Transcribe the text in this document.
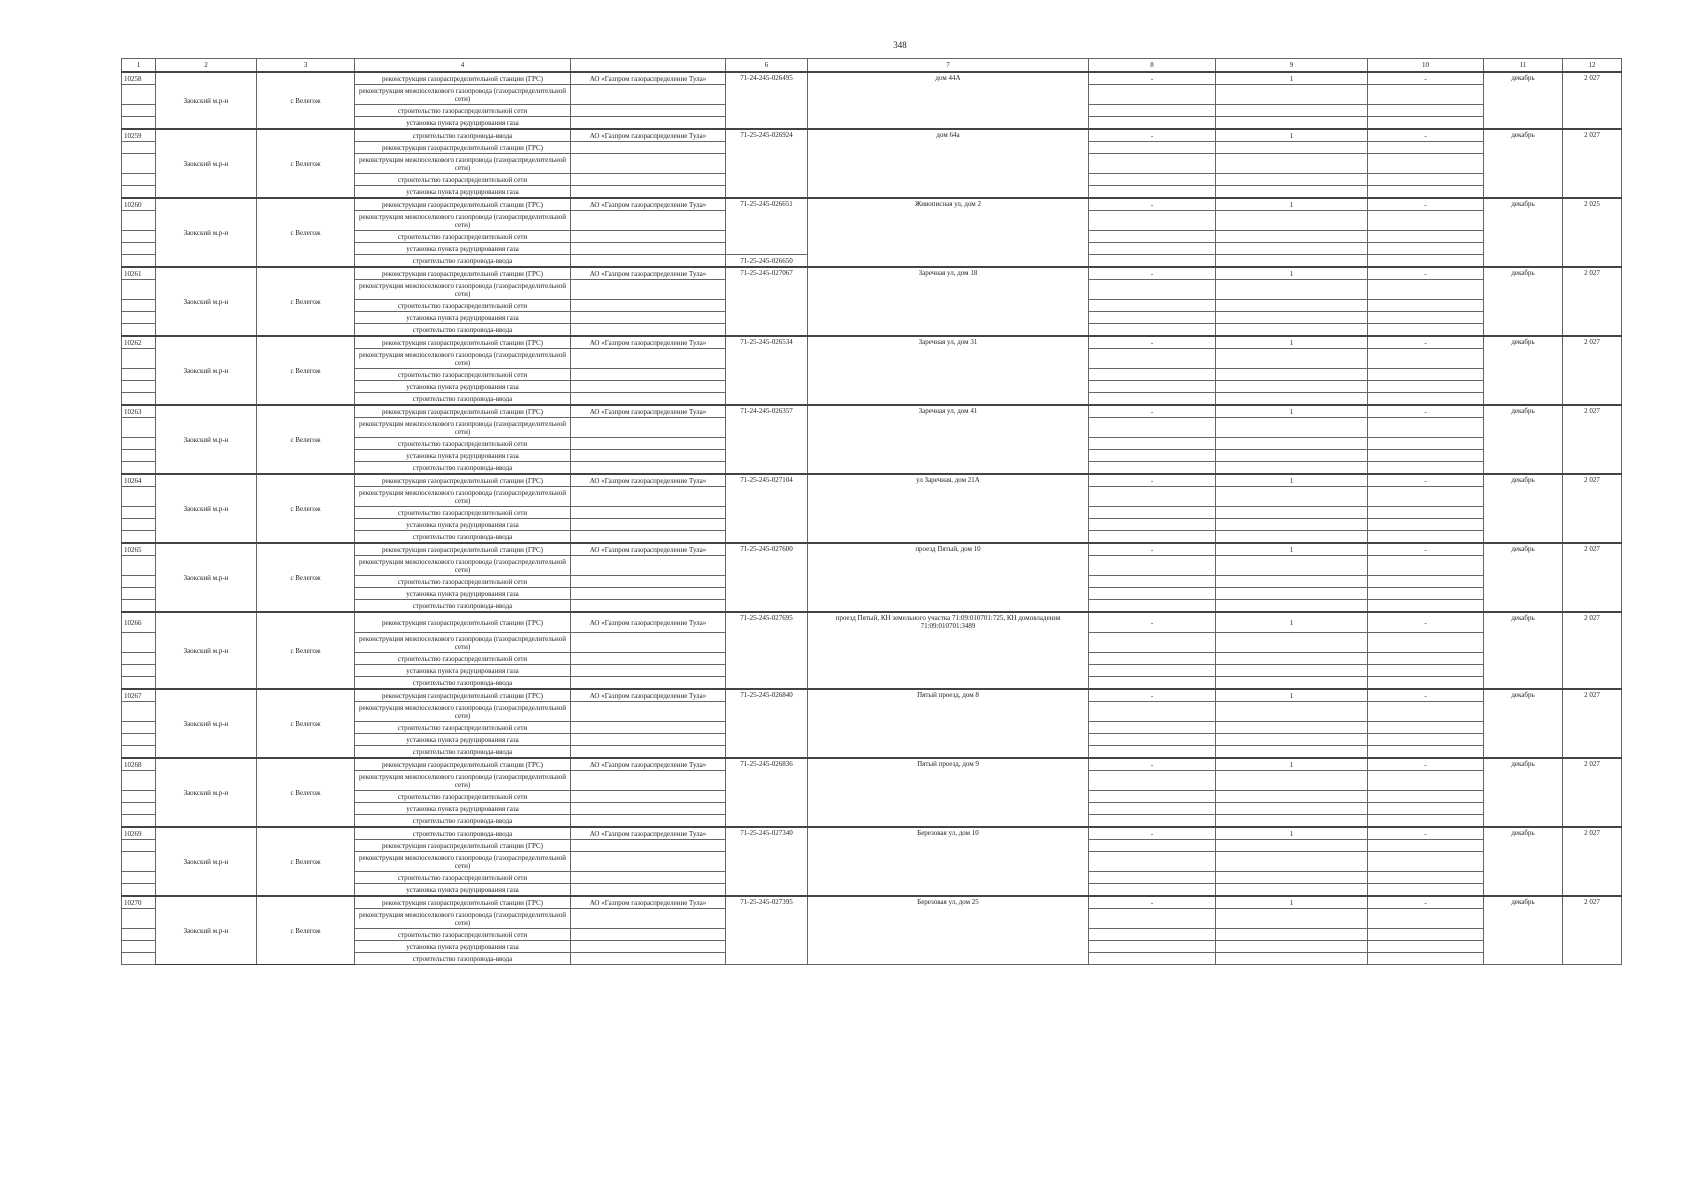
348
1	2	3	4		6	7	8	9	10	11	12
10258	Заокский м.р-н	с Велегож	реконструкция газораспределительной станции (ГРС)	АО «Газпром газораспределение Тула»	71-24-245-026495	дом 44А	-	1	-	декабрь	2 027
			реконструкция межпоселкового газопровода (газораспределительной сети)								
			строительство газораспределительной сети								
			установка пункта редуцирования газа								
10259	Заокский м.р-н	с Велегож	строительство газопровода-ввода	АО «Газпром газораспределение Тула»	71-25-245-026924	дом 64а	-	1	-	декабрь	2 027
			реконструкция газораспределительной станции (ГРС)								
			реконструкция межпоселкового газопровода (газораспределительной сети)								
			строительство газораспределительной сети								
			установка пункта редуцирования газа								
10260	Заокский м.р-н	с Велегож	реконструкция газораспределительной станции (ГРС)	АО «Газпром газораспределение Тула»	71-25-245-026651	Живописная ул, дом 2	-	1	-	декабрь	2 025
			реконструкция межпоселкового газопровода (газораспределительной сети)								
			строительство газораспределительной сети								
			установка пункта редуцирования газа								
			строительство газопровода-ввода		71-25-245-026650						
10261	Заокский м.р-н	с Велегож	реконструкция газораспределительной станции (ГРС)	АО «Газпром газораспределение Тула»	71-25-245-027067	Заречная ул, дом 18	-	1	-	декабрь	2 027
			реконструкция межпоселкового газопровода (газораспределительной сети)								
			строительство газораспределительной сети								
			установка пункта редуцирования газа								
			строительство газопровода-ввода								
10262	Заокский м.р-н	с Велегож	реконструкция газораспределительной станции (ГРС)	АО «Газпром газораспределение Тула»	71-25-245-026534	Заречная ул, дом 31	-	1	-	декабрь	2 027
			реконструкция межпоселкового газопровода (газораспределительной сети)								
			строительство газораспределительной сети								
			установка пункта редуцирования газа								
			строительство газопровода-ввода								
10263	Заокский м.р-н	с Велегож	реконструкция газораспределительной станции (ГРС)	АО «Газпром газораспределение Тула»	71-24-245-026357	Заречная ул, дом 41	-	1	-	декабрь	2 027
			реконструкция межпоселкового газопровода (газораспределительной сети)								
			строительство газораспределительной сети								
			установка пункта редуцирования газа								
			строительство газопровода-ввода								
10264	Заокский м.р-н	с Велегож	реконструкция газораспределительной станции (ГРС)	АО «Газпром газораспределение Тула»	71-25-245-027104	ул Заречная, дом 21А	-	1	-	декабрь	2 027
			реконструкция межпоселкового газопровода (газораспределительной сети)								
			строительство газораспределительной сети								
			установка пункта редуцирования газа								
			строительство газопровода-ввода								
10265	Заокский м.р-н	с Велегож	реконструкция газораспределительной станции (ГРС)	АО «Газпром газораспределение Тула»	71-25-245-027600	проезд Пятый, дом 10	-	1	-	декабрь	2 027
			реконструкция межпоселкового газопровода (газораспределительной сети)								
			строительство газораспределительной сети								
			установка пункта редуцирования газа								
			строительство газопровода-ввода								
10266	Заокский м.р-н	с Велегож	реконструкция газораспределительной станции (ГРС)	АО «Газпром газораспределение Тула»	71-25-245-027695	проезд Пятый, КН земельного участка 71:09:010701:725, КН домовладения 71:09:010701:3489	-	1	-	декабрь	2 027
			реконструкция межпоселкового газопровода (газораспределительной сети)								
			строительство газораспределительной сети								
			установка пункта редуцирования газа								
			строительство газопровода-ввода								
10267	Заокский м.р-н	с Велегож	реконструкция газораспределительной станции (ГРС)	АО «Газпром газораспределение Тула»	71-25-245-026840	Пятый проезд, дом 8	-	1	-	декабрь	2 027
			реконструкция межпоселкового газопровода (газораспределительной сети)								
			строительство газораспределительной сети								
			установка пункта редуцирования газа								
			строительство газопровода-ввода								
10268	Заокский м.р-н	с Велегож	реконструкция газораспределительной станции (ГРС)	АО «Газпром газораспределение Тула»	71-25-245-026836	Пятый проезд, дом 9	-	1	-	декабрь	2 027
			реконструкция межпоселкового газопровода (газораспределительной сети)								
			строительство газораспределительной сети								
			установка пункта редуцирования газа								
			строительство газопровода-ввода								
10269	Заокский м.р-н	с Велегож	строительство газопровода-ввода	АО «Газпром газораспределение Тула»	71-25-245-027340	Березовая ул, дом 10	-	1	-	декабрь	2 027
			реконструкция газораспределительной станции (ГРС)								
			реконструкция межпоселкового газопровода (газораспределительной сети)								
			строительство газораспределительной сети								
			установка пункта редуцирования газа								
10270	Заокский м.р-н	с Велегож	реконструкция газораспределительной станции (ГРС)	АО «Газпром газораспределение Тула»	71-25-245-027395	Березовая ул, дом 25	-	1	-	декабрь	2 027
			реконструкция межпоселкового газопровода (газораспределительной сети)								
			строительство газораспределительной сети								
			установка пункта редуцирования газа								
			строительство газопровода-ввода								
